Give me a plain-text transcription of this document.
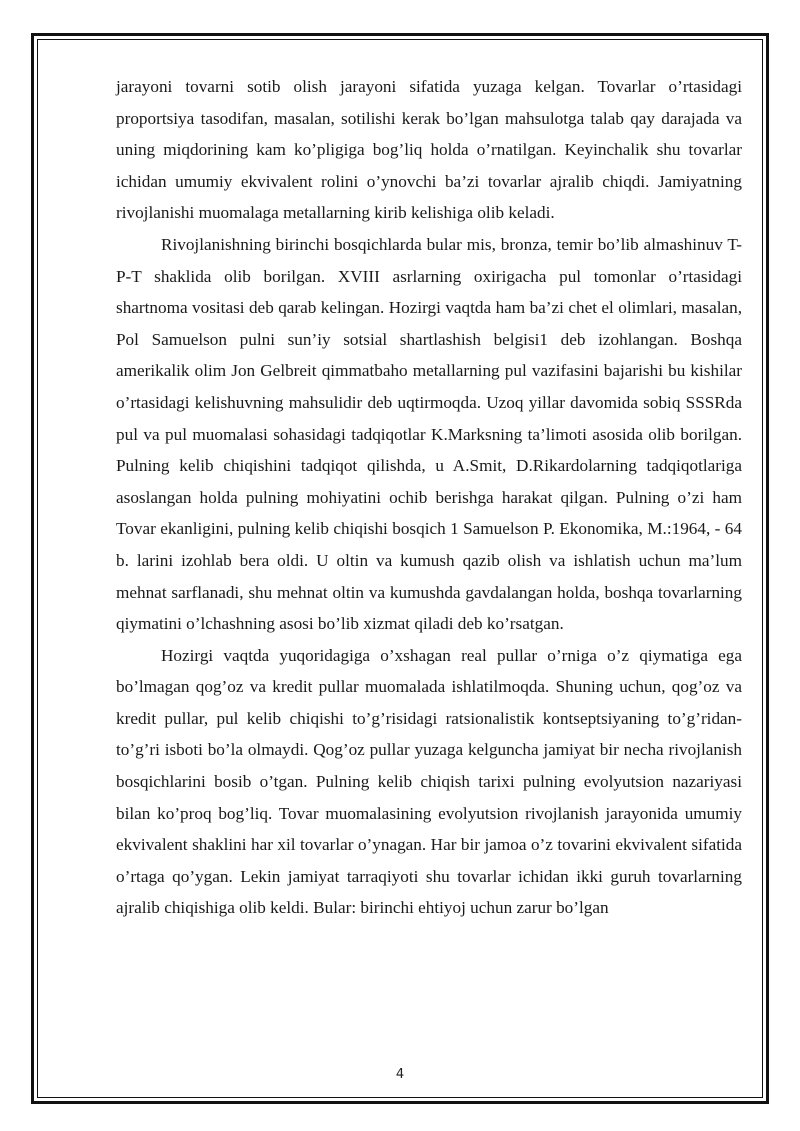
jarayoni tovarni sotib olish jarayoni sifatida yuzaga kelgan. Tovarlar o’rtasidagi proportsiya tasodifan, masalan, sotilishi kerak bo’lgan mahsulotga talab qay darajada va uning miqdorining kam ko’pligiga bog’liq holda o’rnatilgan. Keyinchalik shu tovarlar ichidan umumiy ekvivalent rolini o’ynovchi ba’zi tovarlar ajralib chiqdi. Jamiyatning rivojlanishi muomalaga metallarning kirib kelishiga olib keladi.

Rivojlanishning birinchi bosqichlarda bular mis, bronza, temir bo’lib almashinuv T-P-T shaklida olib borilgan. XVIII asrlarning oxirigacha pul tomonlar o’rtasidagi shartnoma vositasi deb qarab kelingan. Hozirgi vaqtda ham ba’zi chet el olimlari, masalan, Pol Samuelson pulni sun’iy sotsial shartlashish belgisi1 deb izohlangan. Boshqa amerikalik olim Jon Gelbreit qimmatbaho metallarning pul vazifasini bajarishi bu kishilar o’rtasidagi kelishuvning mahsulidir deb uqtirmoqda. Uzoq yillar davomida sobiq SSSRda pul va pul muomalasi sohasidagi tadqiqotlar K.Marksning ta’limoti asosida olib borilgan. Pulning kelib chiqishini tadqiqot qilishda, u A.Smit, D.Rikardolarning tadqiqotlariga asoslangan holda pulning mohiyatini ochib berishga harakat qilgan. Pulning o’zi ham Tovar ekanligini, pulning kelib chiqishi bosqich 1 Samuelson P. Ekonomika, M.:1964, - 64 b. larini izohlab bera oldi. U oltin va kumush qazib olish va ishlatish uchun ma’lum mehnat sarflanadi, shu mehnat oltin va kumushda gavdalangan holda, boshqa tovarlarning qiymatini o’lchashning asosi bo’lib xizmat qiladi deb ko’rsatgan.

Hozirgi vaqtda yuqoridagiga o’xshagan real pullar o’rniga o’z qiymatiga ega bo’lmagan qog’oz va kredit pullar muomalada ishlatilmoqda. Shuning uchun, qog’oz va kredit pullar, pul kelib chiqishi to’g’risidagi ratsionalistik kontseptsiyaning to’g’ridan-to’g’ri isboti bo’la olmaydi. Qog’oz pullar yuzaga kelguncha jamiyat bir necha rivojlanish bosqichlarini bosib o’tgan. Pulning kelib chiqish tarixi pulning evolyutsion nazariyasi bilan ko’proq bog’liq. Tovar muomalasining evolyutsion rivojlanish jarayonida umumiy ekvivalent shaklini har xil tovarlar o’ynagan. Har bir jamoa o’z tovarini ekvivalent sifatida o’rtaga qo’ygan. Lekin jamiyat tarraqiyoti shu tovarlar ichidan ikki guruh tovarlarning ajralib chiqishiga olib keldi. Bular: birinchi ehtiyoj uchun zarur bo’lgan

4
